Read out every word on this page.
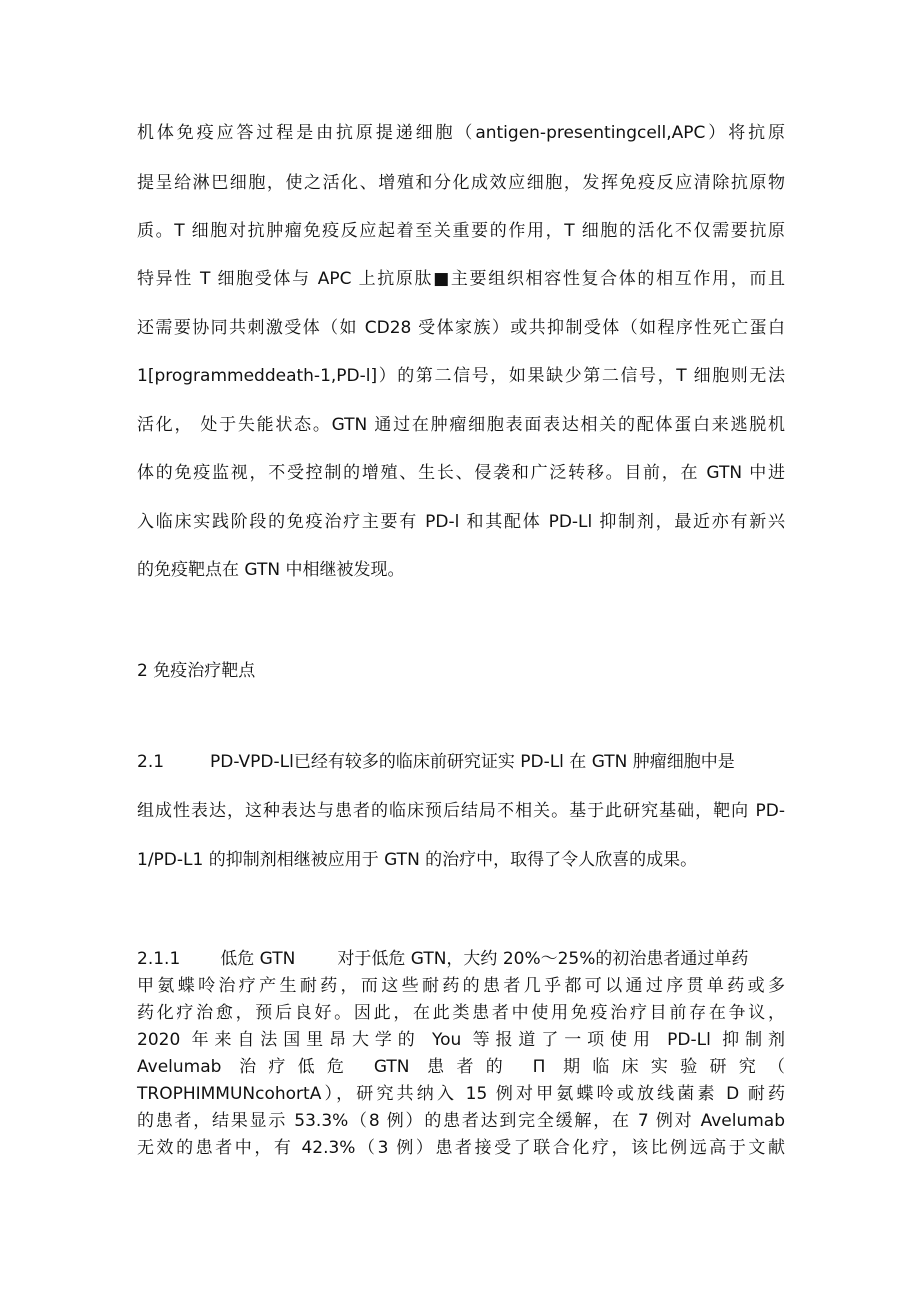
机体免疫应答过程是由抗原提递细胞（antigen-presentingcell,APC）将抗原
提呈给淋巴细胞，使之活化、增殖和分化成效应细胞，发挥免疫反应清除抗原物
质。T 细胞对抗肿瘤免疫反应起着至关重要的作用，T 细胞的活化不仅需要抗原
特异性 T 细胞受体与 APC 上抗原肽■主要组织相容性复合体的相互作用，而且
还需要协同共刺激受体（如 CD28 受体家族）或共抑制受体（如程序性死亡蛋白
1[programmeddeath-1,PD-l]）的第二信号，如果缺少第二信号，T 细胞则无法
活化， 处于失能状态。GTN 通过在肿瘤细胞表面表达相关的配体蛋白来逃脱机
体的免疫监视，不受控制的增殖、生长、侵袭和广泛转移。目前，在 GTN 中进
入临床实践阶段的免疫治疗主要有 PD-l 和其配体 PD-Ll 抑制剂，最近亦有新兴
的免疫靶点在 GTN 中相继被发现。
2 免疫治疗靶点
2.1	PD-VPD-Ll已经有较多的临床前研究证实 PD-Ll 在 GTN 肿瘤细胞中是
组成性表达，这种表达与患者的临床预后结局不相关。基于此研究基础，靶向 PD-
1/PD-L1 的抑制剂相继被应用于 GTN 的治疗中，取得了令人欣喜的成果。
2.1.1 低危 GTN 对于低危 GTN，大约 20%～25%的初治患者通过单药
甲氨蝶呤治疗产生耐药，而这些耐药的患者几乎都可以通过序贯单药或多
药化疗治愈，预后良好。因此，在此类患者中使用免疫治疗目前存在争议，
2020 年来自法国里昂大学的 You 等报道了一项使用 PD-Ll 抑制剂
Avelumab 治疗低危 GTN 患者的 Π 期临床实验研究（
TROPHIMMUNcohortA），研究共纳入 15 例对甲氨蝶呤或放线菌素 D 耐药
的患者，结果显示 53.3%（8 例）的患者达到完全缓解，在 7 例对 Avelumab
无效的患者中，有 42.3%（3 例）患者接受了联合化疗，该比例远高于文献
